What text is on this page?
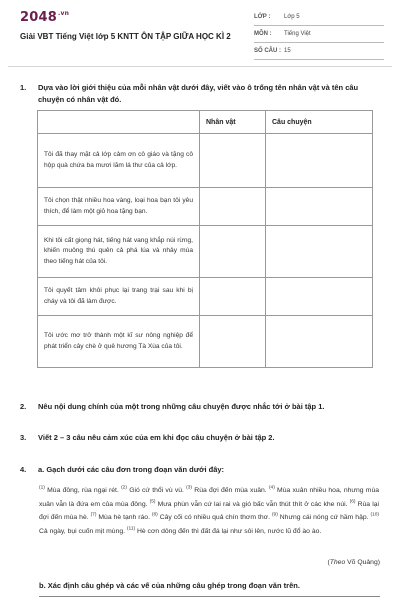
$2048^{.vn}$
Giải VBT Tiếng Việt lớp 5 KNTT ÔN TẬP GIỮA HỌC KÌ 2
LỚP : Lớp 5
MÔN : Tiếng Việt
SỐ CÂU : 15
1. Dựa vào lời giới thiệu của mỗi nhân vật dưới đây, viết vào ô trống tên nhân vật và tên câu chuyện có nhân vật đó.
	Nhân vật	Câu chuyện
Tôi đã thay mặt cả lớp cảm ơn cô giáo và tặng cô hộp quà chứa ba mươi lăm lá thư của cả lớp.		
Tôi chọn thật nhiều hoa vàng, loại hoa bạn tôi yêu thích, để làm một giỏ hoa tặng bạn.		
Khi tôi cất giọng hát, tiếng hát vang khắp núi rừng, khiến muông thú quên cả phá lúa và nhảy múa theo tiếng hát của tôi.		
Tôi quyết tâm khôi phục lại trang trại sau khi bị cháy và tôi đã làm được.		
Tôi ước mơ trở thành một kĩ sư nông nghiệp để phát triển cây chè ở quê hương Tà Xùa của tôi.		
2. Nêu nội dung chính của một trong những câu chuyện được nhắc tới ở bài tập 1.
3. Viết 2 – 3 câu nêu cảm xúc của em khi đọc câu chuyện ở bài tập 2.
4. a. Gạch dưới các câu đơn trong đoạn văn dưới đây:
$^{(1)}$ Mùa đông, rùa ngại rét. $^{(2)}$ Gió cứ thổi vù vù. $^{(3)}$ Rùa đợi đến mùa xuân. $^{(4)}$ Mùa xuân nhiều hoa, nhưng mùa xuân vẫn là đứa em của mùa đông. $^{(5)}$ Mưa phùn vẫn cứ lai rai và gió bấc vẫn thút thít ở các khe núi. $^{(6)}$ Rùa lại đợi đến mùa hè. $^{(7)}$ Mùa hè tạnh ráo. $^{(8)}$ Cây cối có nhiều quả chín thơm thơ. $^{(9)}$ Nhưng cái nóng cứ hầm hập. $^{(10)}$ Cả ngày, bụi cuốn mịt mùng. $^{(11)}$ Hè cơn dông đến thì đất đá lại như sôi lên, nước lũ đổ ào ào.
(Theo Võ Quảng)
b. Xác định câu ghép và các vế của những câu ghép trong đoạn văn trên.
